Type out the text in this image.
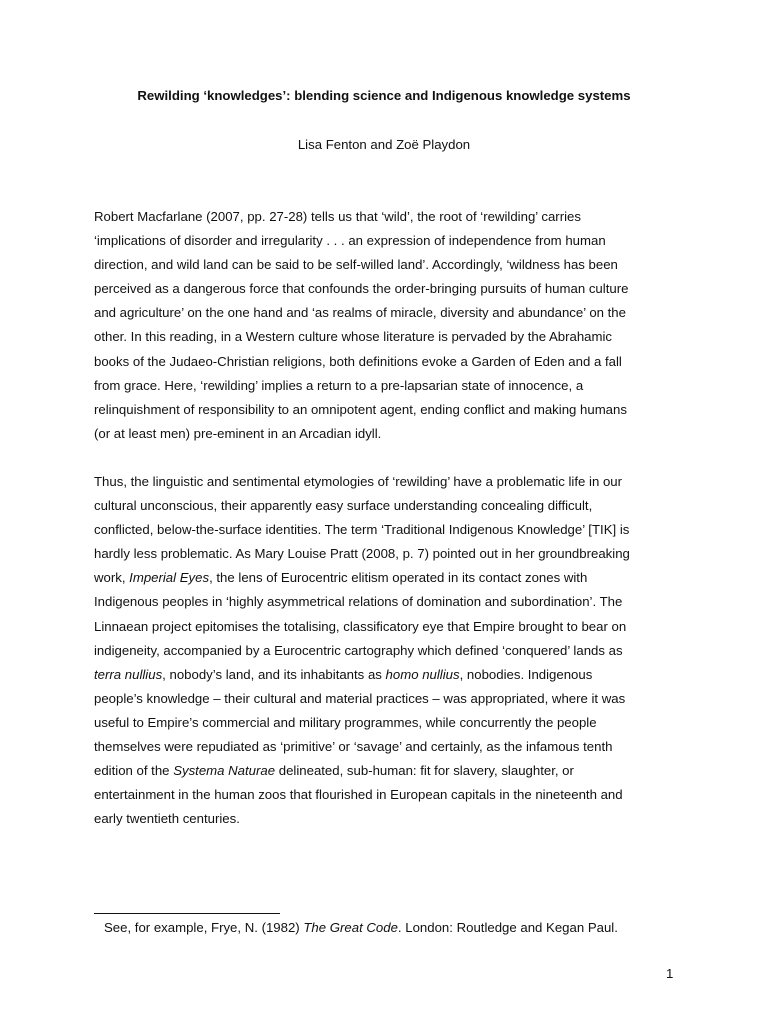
Rewilding ‘knowledges’: blending science and Indigenous knowledge systems
Lisa Fenton and Zoë Playdon
Robert Macfarlane (2007, pp. 27-28) tells us that ‘wild’, the root of ‘rewilding’ carries
‘implications of disorder and irregularity . . . an expression of independence from human
direction, and wild land can be said to be self-willed land’. Accordingly, ‘wildness has been
perceived as a dangerous force that confounds the order-bringing pursuits of human culture
and agriculture’ on the one hand and ‘as realms of miracle, diversity and abundance’ on the
other. In this reading, in a Western culture whose literature is pervaded by the Abrahamic
books of the Judaeo-Christian religions, both definitions evoke a Garden of Eden and a fall
from grace. Here, ‘rewilding’ implies a return to a pre-lapsarian state of innocence, a
relinquishment of responsibility to an omnipotent agent, ending conflict and making humans
(or at least men) pre-eminent in an Arcadian idyll.
Thus, the linguistic and sentimental etymologies of ‘rewilding’ have a problematic life in our
cultural unconscious, their apparently easy surface understanding concealing difficult,
conflicted, below-the-surface identities. The term ‘Traditional Indigenous Knowledge’ [TIK] is
hardly less problematic. As Mary Louise Pratt (2008, p. 7) pointed out in her groundbreaking
work, Imperial Eyes, the lens of Eurocentric elitism operated in its contact zones with
Indigenous peoples in ‘highly asymmetrical relations of domination and subordination’. The
Linnaean project epitomises the totalising, classificatory eye that Empire brought to bear on
indigeneity, accompanied by a Eurocentric cartography which defined ‘conquered’ lands as
terra nullius, nobody’s land, and its inhabitants as homo nullius, nobodies. Indigenous
people’s knowledge – their cultural and material practices – was appropriated, where it was
useful to Empire’s commercial and military programmes, while concurrently the people
themselves were repudiated as ‘primitive’ or ‘savage’ and certainly, as the infamous tenth
edition of the Systema Naturae delineated, sub-human: fit for slavery, slaughter, or
entertainment in the human zoos that flourished in European capitals in the nineteenth and
early twentieth centuries.
See, for example, Frye, N. (1982) The Great Code. London: Routledge and Kegan Paul.
1
